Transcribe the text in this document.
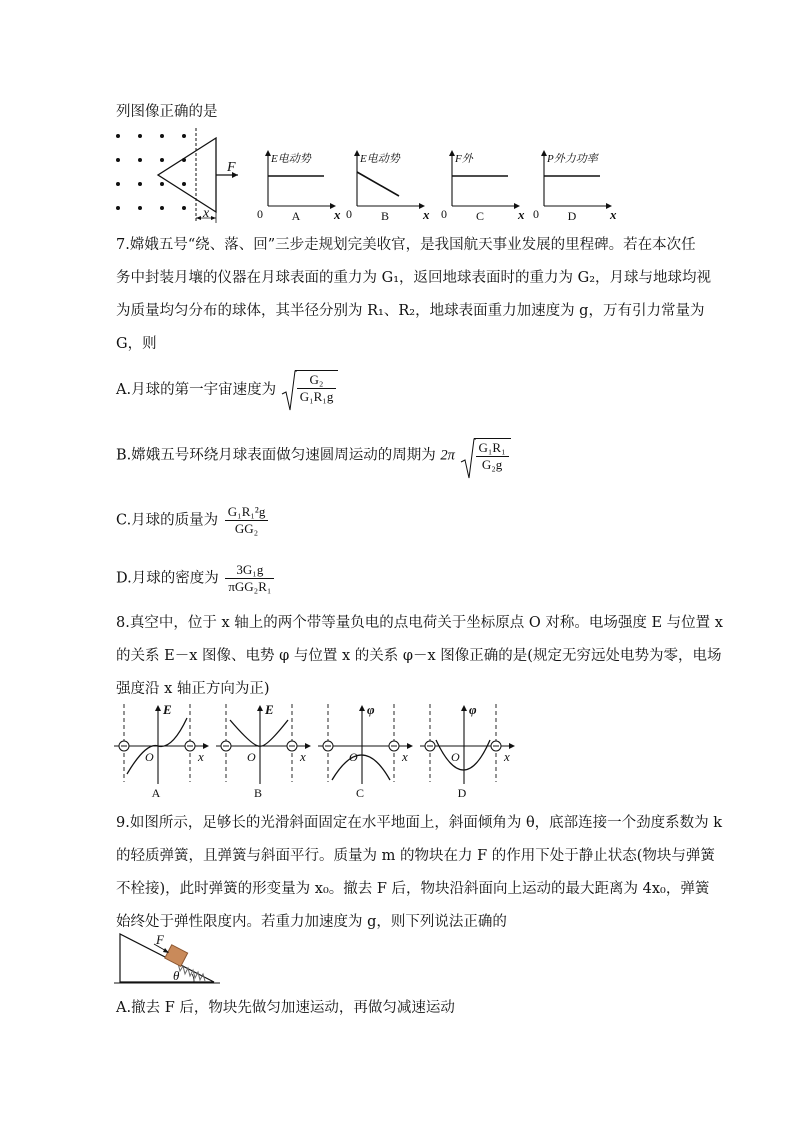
列图像正确的是
F
x
E电动势
0	x
A
E电动势
0	x
B
F外
0	x
C
P外力功率
0	x
D
7.嫦娥五号“绕、落、回”三步走规划完美收官，是我国航天事业发展的里程碑。若在本次任
务中封装月壤的仪器在月球表面的重力为 G₁，返回地球表面时的重力为 G₂，月球与地球均视
为质量均匀分布的球体，其半径分别为 R₁、R₂，地球表面重力加速度为 g，万有引力常量为
G，则
A.月球的第一宇宙速度为 $\frac{\text{G₂}}{\text{G₁R₁g}}$
B.嫦娥五号环绕月球表面做匀速圆周运动的周期为 $2\pi \frac{\text{G₁R₁}}{\text{G₂g}}$
C.月球的质量为 $\frac{\text{G₁R₁²g}}{\text{GG₂}}$
D.月球的密度为 $\frac{\text{3G₁g}}{\text{πGG₂R₁}}$
8.真空中，位于 x 轴上的两个带等量负电的点电荷关于坐标原点 O 对称。电场强度 E 与位置 x
的关系 E－x 图像、电势 φ 与位置 x 的关系 φ－x 图像正确的是(规定无穷远处电势为零，电场
强度沿 x 轴正方向为正)
E
O	x
A
E
O	x
B
φ
O	x
C
φ
O	x
D
9.如图所示，足够长的光滑斜面固定在水平地面上，斜面倾角为 θ，底部连接一个劲度系数为 k
的轻质弹簧，且弹簧与斜面平行。质量为 m 的物块在力 F 的作用下处于静止状态(物块与弹簧
不栓接)，此时弹簧的形变量为 x₀。撤去 F 后，物块沿斜面向上运动的最大距离为 4x₀，弹簧
始终处于弹性限度内。若重力加速度为 g，则下列说法正确的
F
θ
A.撤去 F 后，物块先做匀加速运动，再做匀减速运动
